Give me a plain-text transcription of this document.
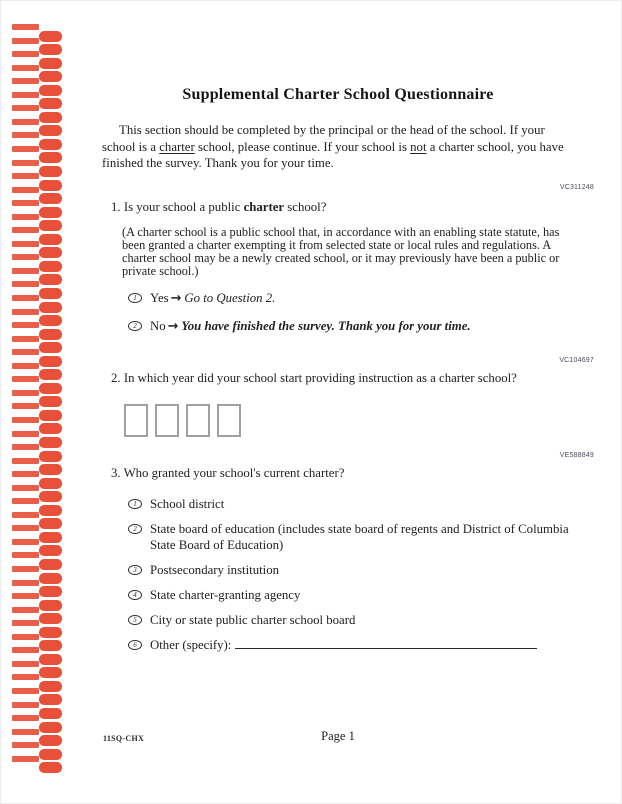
Supplemental Charter School Questionnaire

This section should be completed by the principal or the head of the school. If your school is a charter school, please continue. If your school is not a charter school, you have finished the survey. Thank you for your time.

VC311248

1. Is your school a public charter school?

(A charter school is a public school that, in accordance with an enabling state statute, has been granted a charter exempting it from selected state or local rules and regulations. A charter school may be a newly created school, or it may previously have been a public or private school.)

1	Yes → Go to Question 2.
2	No → You have finished the survey. Thank you for your time.
VC104697

2. In which year did your school start providing instruction as a charter school?

VE588849

3. Who granted your school's current charter?

1	School district
2	State board of education (includes state board of regents and District of Columbia State Board of Education)
3	Postsecondary institution
4	State charter-granting agency
5	City or state public charter school board
6	Other (specify):
11SQ-CHX	Page 1
